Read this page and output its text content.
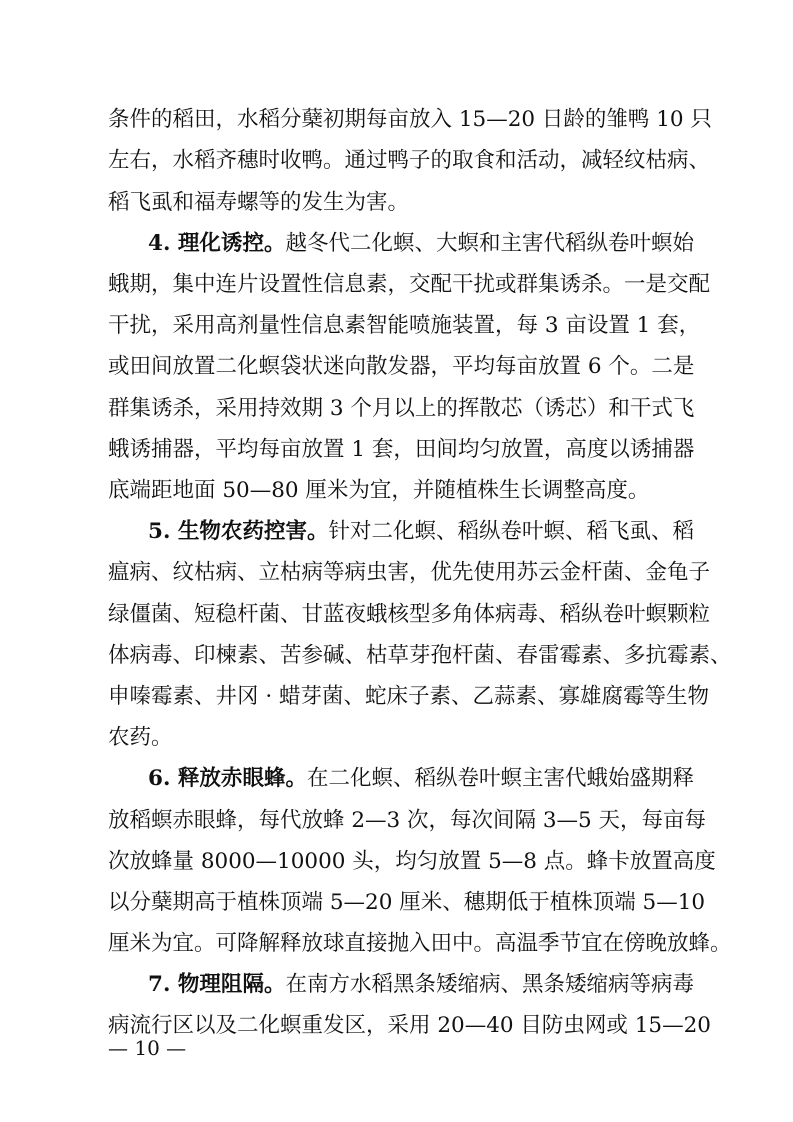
条件的稻田，水稻分蘖初期每亩放入 15—20 日龄的雏鸭 10 只
左右，水稻齐穗时收鸭。通过鸭子的取食和活动，减轻纹枯病、
稻飞虱和福寿螺等的发生为害。
4. 理化诱控。越冬代二化螟、大螟和主害代稻纵卷叶螟始
蛾期，集中连片设置性信息素，交配干扰或群集诱杀。一是交配
干扰，采用高剂量性信息素智能喷施装置，每 3 亩设置 1 套，
或田间放置二化螟袋状迷向散发器，平均每亩放置 6 个。二是
群集诱杀，采用持效期 3 个月以上的挥散芯（诱芯）和干式飞
蛾诱捕器，平均每亩放置 1 套，田间均匀放置，高度以诱捕器
底端距地面 50—80 厘米为宜，并随植株生长调整高度。
5. 生物农药控害。针对二化螟、稻纵卷叶螟、稻飞虱、稻
瘟病、纹枯病、立枯病等病虫害，优先使用苏云金杆菌、金龟子
绿僵菌、短稳杆菌、甘蓝夜蛾核型多角体病毒、稻纵卷叶螟颗粒
体病毒、印楝素、苦参碱、枯草芽孢杆菌、春雷霉素、多抗霉素、
申嗪霉素、井冈 · 蜡芽菌、蛇床子素、乙蒜素、寡雄腐霉等生物
农药。
6. 释放赤眼蜂。在二化螟、稻纵卷叶螟主害代蛾始盛期释
放稻螟赤眼蜂，每代放蜂 2—3 次，每次间隔 3—5 天，每亩每
次放蜂量 8000—10000 头，均匀放置 5—8 点。蜂卡放置高度
以分蘖期高于植株顶端 5—20 厘米、穗期低于植株顶端 5—10
厘米为宜。可降解释放球直接抛入田中。高温季节宜在傍晚放蜂。
7. 物理阻隔。在南方水稻黑条矮缩病、黑条矮缩病等病毒
病流行区以及二化螟重发区，采用 20—40 目防虫网或 15—20
— 10 —
